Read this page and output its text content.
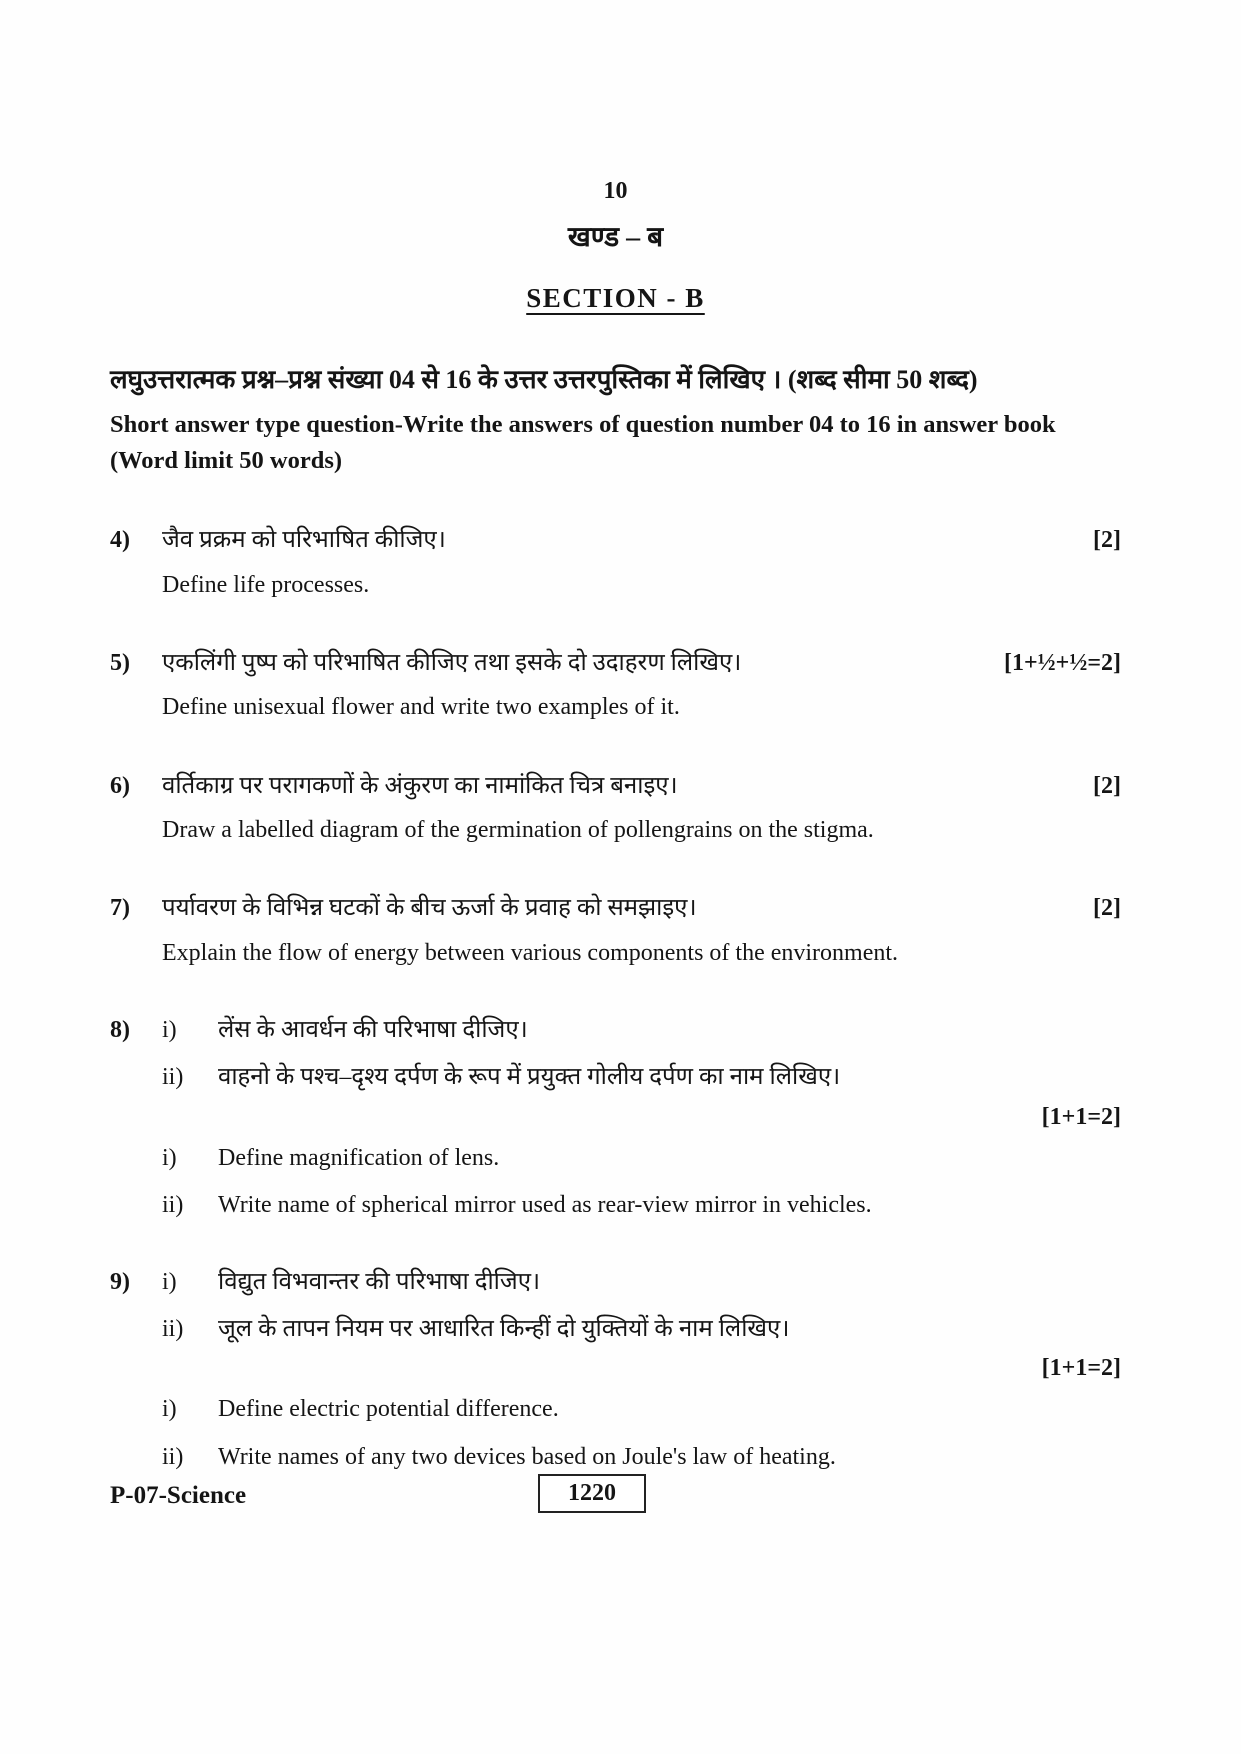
10
खण्ड – ब
SECTION - B

लघुउत्तरात्मक प्रश्न–प्रश्न संख्या 04 से 16 के उत्तर उत्तरपुस्तिका में लिखिए । (शब्द सीमा 50 शब्द)

Short answer type question-Write the answers of question number 04 to 16 in answer book (Word limit 50 words)

4)	जैव प्रक्रम को परिभाषित कीजिए।	[2]
Define life processes.
5)	एकलिंगी पुष्प को परिभाषित कीजिए तथा इसके दो उदाहरण लिखिए।	[1+½+½=2]
Define unisexual flower and write two examples of it.
6)	वर्तिकाग्र पर परागकणों के अंकुरण का नामांकित चित्र बनाइए।	[2]
Draw a labelled diagram of the germination of pollengrains on the stigma.
7)	पर्यावरण के विभिन्न घटकों के बीच ऊर्जा के प्रवाह को समझाइए।	[2]
Explain the flow of energy between various components of the environment.
8)	i)	लेंस के आवर्धन की परिभाषा दीजिए।
ii)	वाहनो के पश्च–दृश्य दर्पण के रूप में प्रयुक्त गोलीय दर्पण का नाम लिखिए।
[1+1=2]
i)	Define magnification of lens.
ii)	Write name of spherical mirror used as rear-view mirror in vehicles.
9)	i)	विद्युत विभवान्तर की परिभाषा दीजिए।
ii)	जूल के तापन नियम पर आधारित किन्हीं दो युक्तियों के नाम लिखिए।
[1+1=2]
i)	Define electric potential difference.
ii)	Write names of any two devices based on Joule's law of heating.
P-07-Science	1220
